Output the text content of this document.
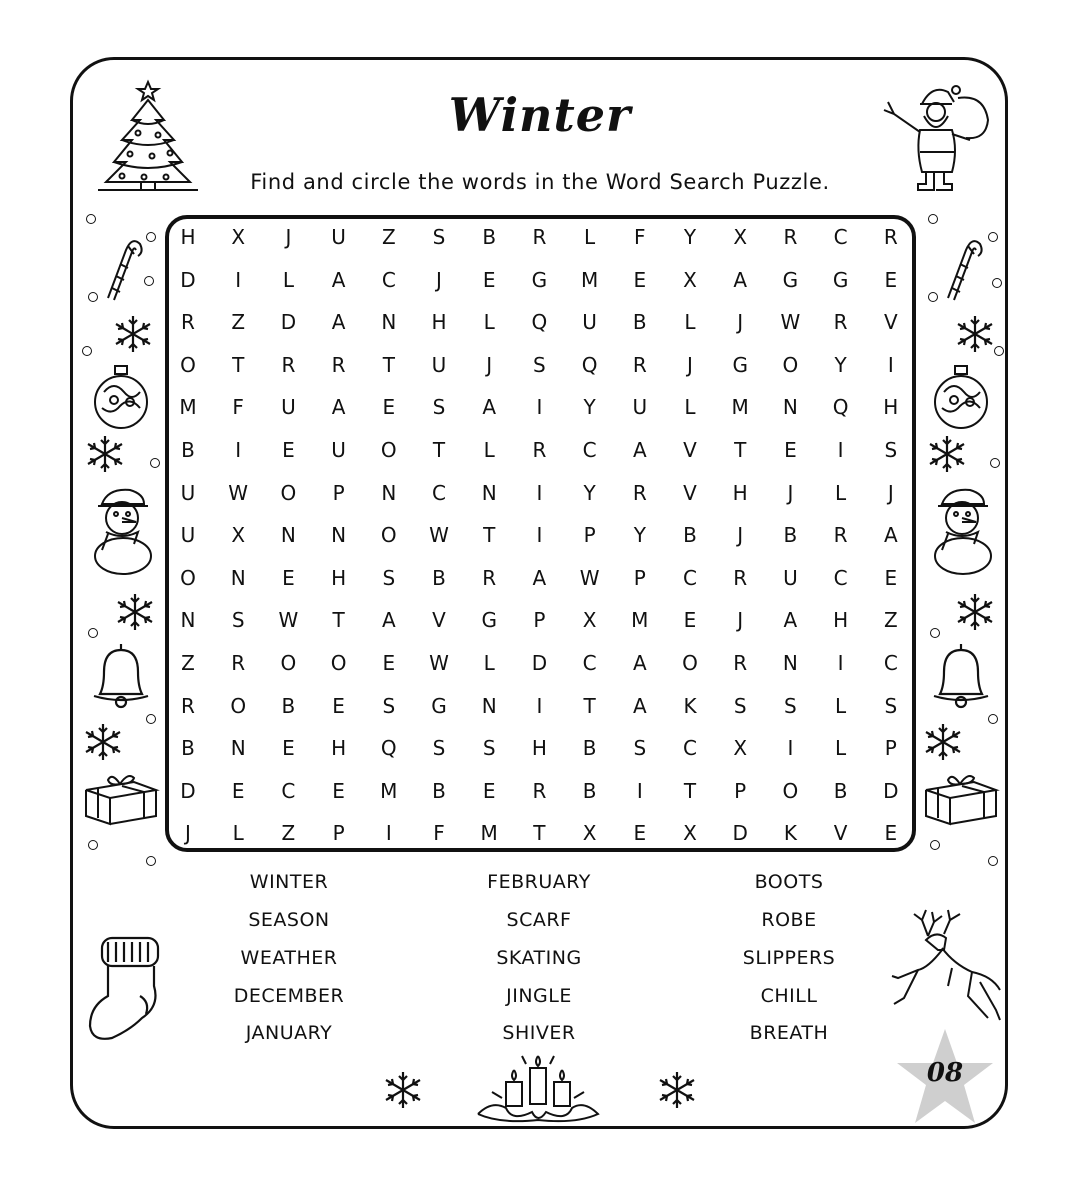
Winter
Find and circle the words in the Word Search Puzzle.
H	X	J	U	Z	S	B	R	L	F	Y	X	R	C	R
D	I	L	A	C	J	E	G	M	E	X	A	G	G	E
R	Z	D	A	N	H	L	Q	U	B	L	J	W	R	V
O	T	R	R	T	U	J	S	Q	R	J	G	O	Y	I
M	F	U	A	E	S	A	I	Y	U	L	M	N	Q	H
B	I	E	U	O	T	L	R	C	A	V	T	E	I	S
U	W	O	P	N	C	N	I	Y	R	V	H	J	L	J
U	X	N	N	O	W	T	I	P	Y	B	J	B	R	A
O	N	E	H	S	B	R	A	W	P	C	R	U	C	E
N	S	W	T	A	V	G	P	X	M	E	J	A	H	Z
Z	R	O	O	E	W	L	D	C	A	O	R	N	I	C
R	O	B	E	S	G	N	I	T	A	K	S	S	L	S
B	N	E	H	Q	S	S	H	B	S	C	X	I	L	P
D	E	C	E	M	B	E	R	B	I	T	P	O	B	D
J	L	Z	P	I	F	M	T	X	E	X	D	K	V	E
WINTER
SEASON
WEATHER
DECEMBER
JANUARY
FEBRUARY
SCARF
SKATING
JINGLE
SHIVER
BOOTS
ROBE
SLIPPERS
CHILL
BREATH
08
